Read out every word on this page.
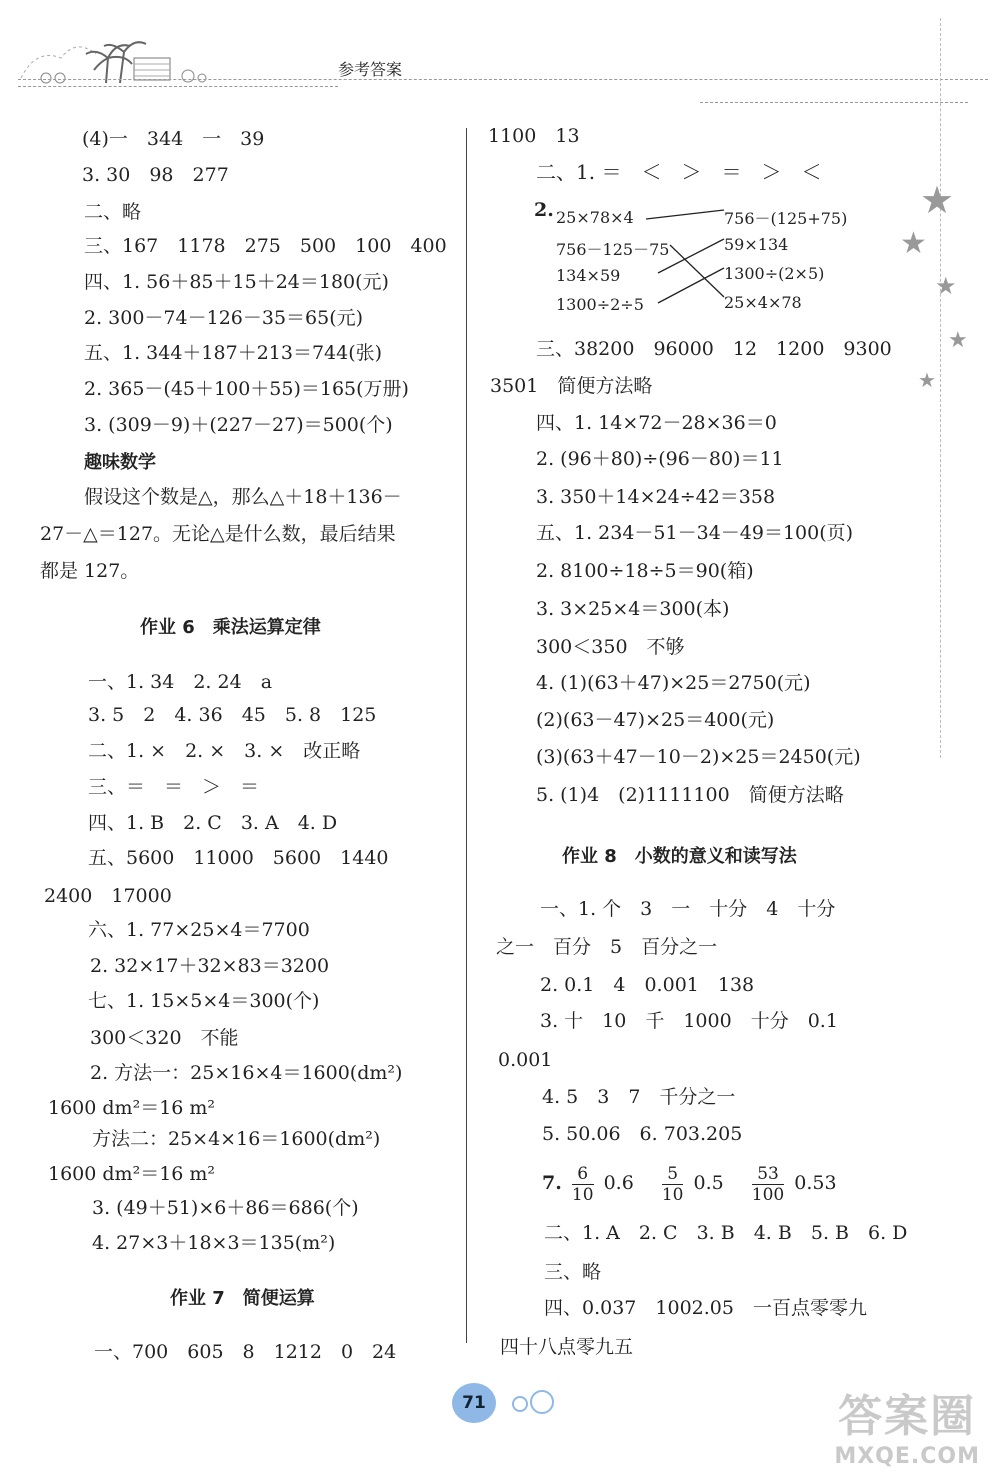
参考答案
★
★
★
★
★
(4)一　344　一　39
3. 30　98　277
二、略
三、167　1178　275　500　100　400
四、1. 56＋85＋15＋24＝180(元)
2. 300－74－126－35＝65(元)
五、1. 344＋187＋213＝744(张)
2. 365－(45＋100＋55)＝165(万册)
3. (309－9)＋(227－27)＝500(个)
趣味数学
假设这个数是△，那么△＋18＋136－
27－△＝127。无论△是什么数，最后结果
都是 127。
作业 6　乘法运算定律
一、1. 34　2. 24　a
3. 5　2　4. 36　45　5. 8　125
二、1. ×　2. ×　3. ×　改正略
三、＝　＝　＞　＝
四、1. B　2. C　3. A　4. D
五、5600　11000　5600　1440
2400　17000
六、1. 77×25×4＝7700
2. 32×17＋32×83＝3200
七、1. 15×5×4＝300(个)
300＜320　不能
2. 方法一：25×16×4＝1600(dm²)
1600 dm²＝16 m²
方法二：25×4×16＝1600(dm²)
1600 dm²＝16 m²
3. (49＋51)×6＋86＝686(个)
4. 27×3＋18×3＝135(m²)
作业 7　简便运算
一、700　605　8　1212　0　24
1100　13
二、1. ＝　＜　＞　＝　＞　＜
2. 25×78×4
756－125－75
134×59
1300÷2÷5
756－(125+75)
59×134
1300÷(2×5)
25×4×78
三、38200　96000　12　1200　9300
3501　简便方法略
四、1. 14×72－28×36＝0
2. (96＋80)÷(96－80)＝11
3. 350＋14×24÷42＝358
五、1. 234－51－34－49＝100(页)
2. 8100÷18÷5＝90(箱)
3. 3×25×4＝300(本)
300＜350　不够
4. (1)(63＋47)×25＝2750(元)
(2)(63－47)×25＝400(元)
(3)(63＋47－10－2)×25＝2450(元)
5. (1)4　(2)1111100　简便方法略
作业 8　小数的意义和读写法
一、1. 个　3　一　十分　4　十分
之一　百分　5　百分之一
2. 0.1　4　0.001　138
3. 十　10　千　1000　十分　0.1
0.001
4. 5　3　7　千分之一
5. 50.06　6. 703.205
7. $\frac{6}{10} 0.6 \frac{5}{10} 0.5 \frac{53}{100} 0.53$
二、1. A　2. C　3. B　4. B　5. B　6. D
三、略
四、0.037　1002.05　一百点零零九
四十八点零九五
71	答案圈
MXQE.COM
